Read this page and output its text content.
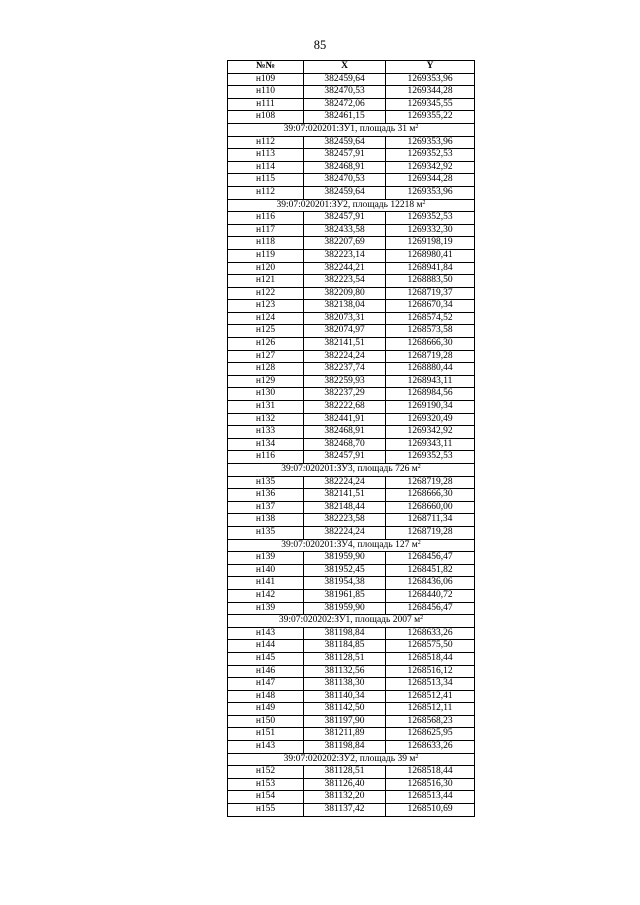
85
№№	X	Y
н109	382459,64	1269353,96
н110	382470,53	1269344,28
н111	382472,06	1269345,55
н108	382461,15	1269355,22
39:07:020201:ЗУ1, площадь 31 $м^2$
н112	382459,64	1269353,96
н113	382457,91	1269352,53
н114	382468,91	1269342,92
н115	382470,53	1269344,28
н112	382459,64	1269353,96
39:07:020201:ЗУ2, площадь 12218 $м^2$
н116	382457,91	1269352,53
н117	382433,58	1269332,30
н118	382207,69	1269198,19
н119	382223,14	1268980,41
н120	382244,21	1268941,84
н121	382223,54	1268883,50
н122	382209,80	1268719,37
н123	382138,04	1268670,34
н124	382073,31	1268574,52
н125	382074,97	1268573,58
н126	382141,51	1268666,30
н127	382224,24	1268719,28
н128	382237,74	1268880,44
н129	382259,93	1268943,11
н130	382237,29	1268984,56
н131	382222,68	1269190,34
н132	382441,91	1269320,49
н133	382468,91	1269342,92
н134	382468,70	1269343,11
н116	382457,91	1269352,53
39:07:020201:ЗУ3, площадь 726 $м^2$
н135	382224,24	1268719,28
н136	382141,51	1268666,30
н137	382148,44	1268660,00
н138	382223,58	1268711,34
н135	382224,24	1268719,28
39:07:020201:ЗУ4, площадь 127 $м^2$
н139	381959,90	1268456,47
н140	381952,45	1268451,82
н141	381954,38	1268436,06
н142	381961,85	1268440,72
н139	381959,90	1268456,47
39:07:020202:ЗУ1, площадь 2007 $м^2$
н143	381198,84	1268633,26
н144	381184,85	1268575,50
н145	381128,51	1268518,44
н146	381132,56	1268516,12
н147	381138,30	1268513,34
н148	381140,34	1268512,41
н149	381142,50	1268512,11
н150	381197,90	1268568,23
н151	381211,89	1268625,95
н143	381198,84	1268633,26
39:07:020202:ЗУ2, площадь 39 $м^2$
н152	381128,51	1268518,44
н153	381126,40	1268516,30
н154	381132,20	1268513,44
н155	381137,42	1268510,69
